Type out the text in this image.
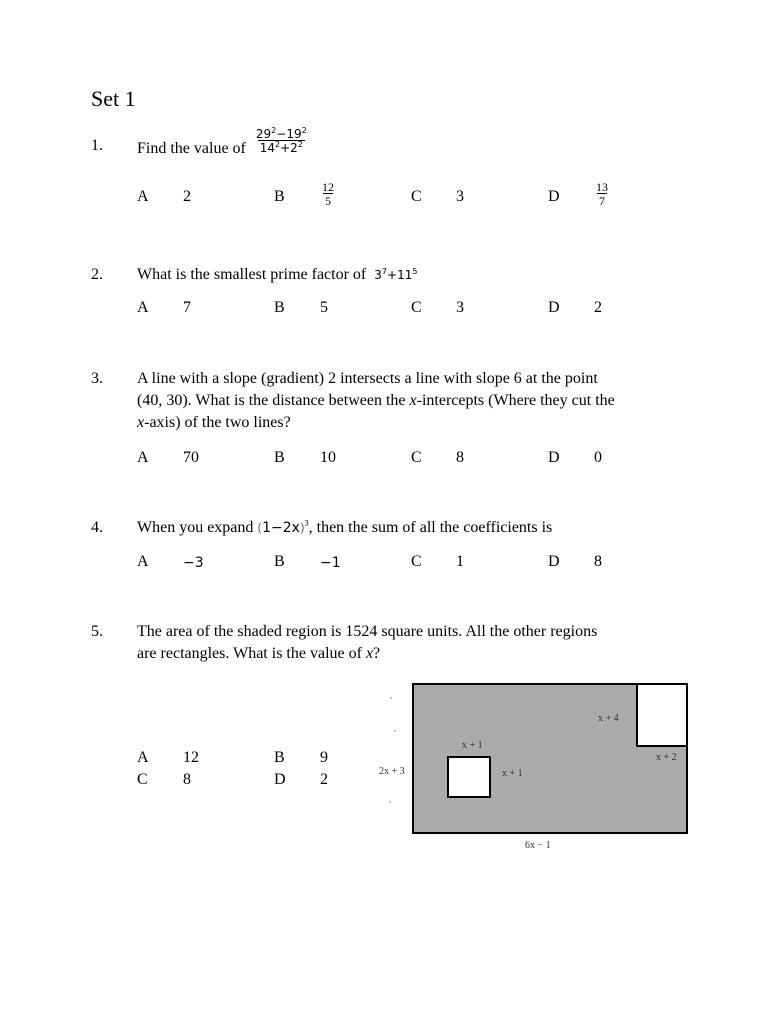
Set 1
1. Find the value of $\frac{29^2-19^2}{14^2+2^2}$
A 2	B	$\frac{12}{5}$	C 3	D	$\frac{13}{7}$
2. What is the smallest prime factor of $3^7+11^5$
A 7	B 5	C 3	D 2
3. A line with a slope (gradient) 2 intersects a line with slope 6 at the point
(40, 30). What is the distance between the x-intercepts (Where they cut the
x-axis) of the two lines?
A 70	B 10	C 8	D 0
4. When you expand $(1-2x)^3$, then the sum of all the coefficients is
A −3	B	−1	C 1	D 8
5. The area of the shaded region is 1524 square units. All the other regions
are rectangles. What is the value of x?
A 12	B 9
C 8	D 2
x + 1
x + 1
x + 4
x + 2
2x + 3
6x − 1
